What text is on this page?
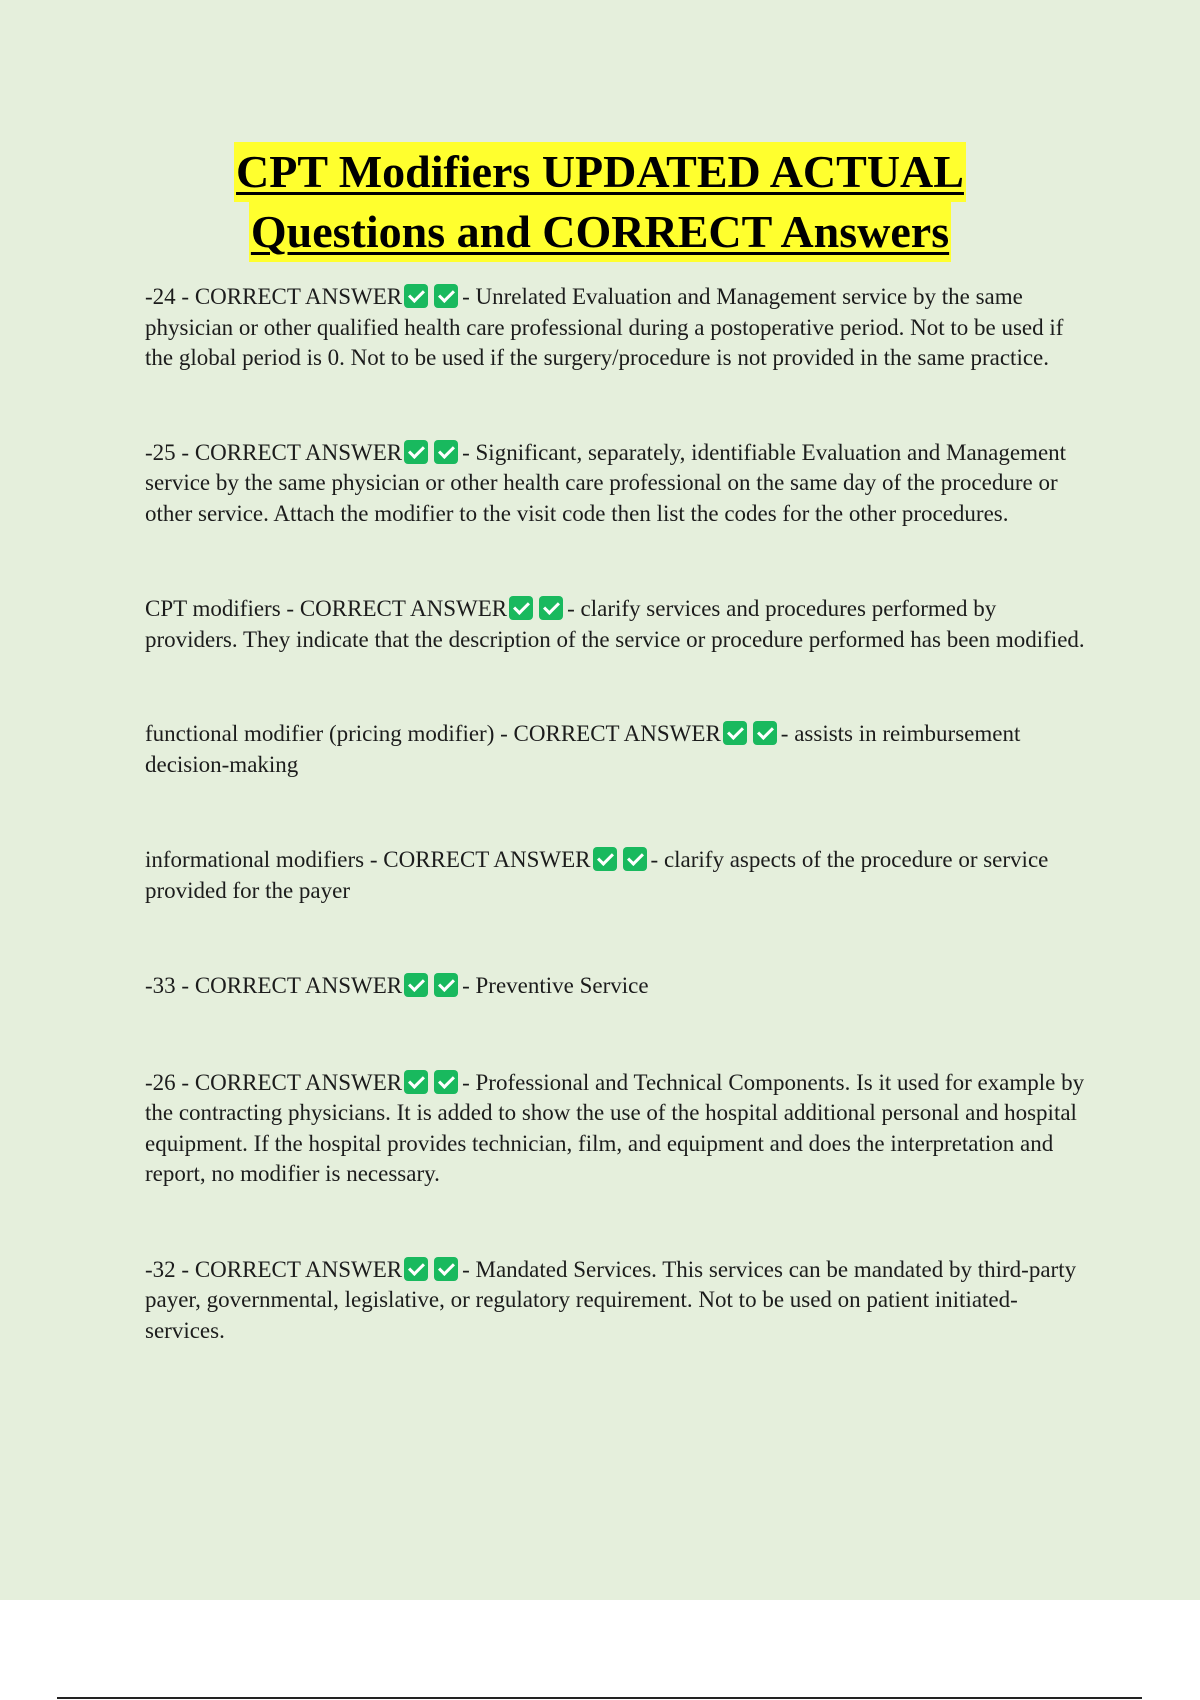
CPT Modifiers UPDATED ACTUAL
Questions and CORRECT Answers

-24 - CORRECT ANSWER	- Unrelated Evaluation and Management service by the same physician or other qualified health care professional during a postoperative period. Not to be used if the global period is 0. Not to be used if the surgery/procedure is not provided in the same practice.

-25 - CORRECT ANSWER	- Significant, separately, identifiable Evaluation and Management service by the same physician or other health care professional on the same day of the procedure or other service. Attach the modifier to the visit code then list the codes for the other procedures.

CPT modifiers - CORRECT ANSWER	- clarify services and procedures performed by providers. They indicate that the description of the service or procedure performed has been modified.

functional modifier (pricing modifier) - CORRECT ANSWER	- assists in reimbursement decision-making

informational modifiers - CORRECT ANSWER	- clarify aspects of the procedure or service provided for the payer

-33 - CORRECT ANSWER	- Preventive Service

-26 - CORRECT ANSWER	- Professional and Technical Components. Is it used for example by the contracting physicians. It is added to show the use of the hospital additional personal and hospital equipment. If the hospital provides technician, film, and equipment and does the interpretation and report, no modifier is necessary.

-32 - CORRECT ANSWER	- Mandated Services. This services can be mandated by third-party payer, governmental, legislative, or regulatory requirement. Not to be used on patient initiated-services.
